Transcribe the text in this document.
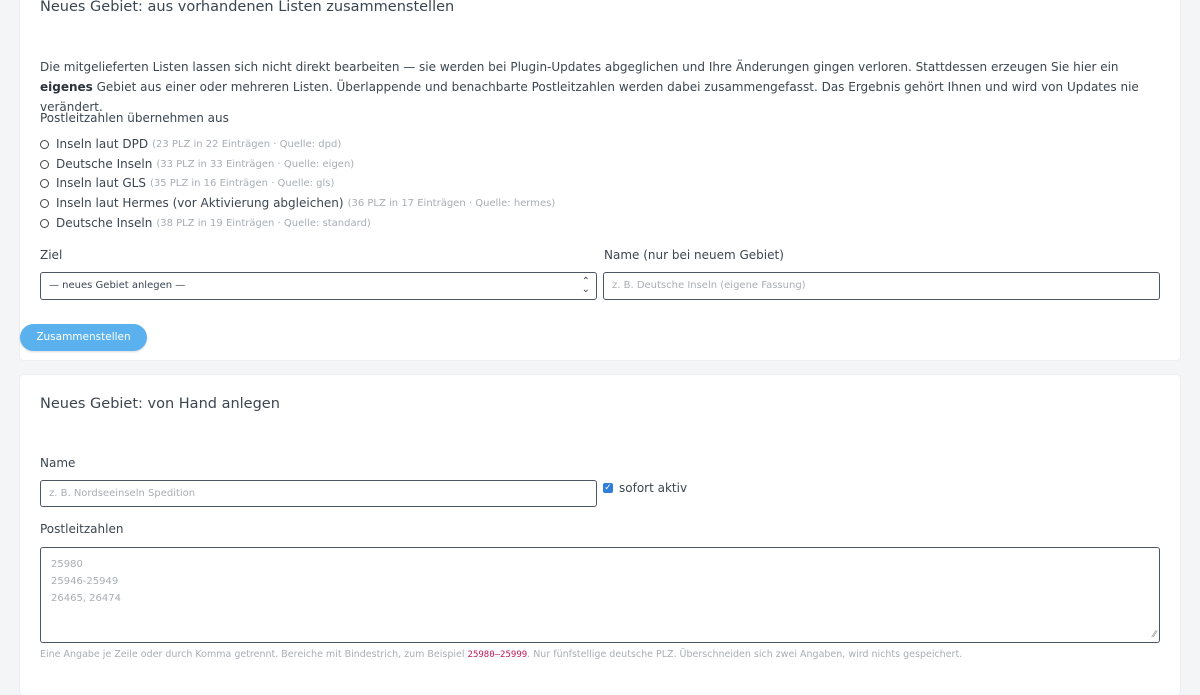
Neues Gebiet: aus vorhandenen Listen zusammenstellen
Die mitgelieferten Listen lassen sich nicht direkt bearbeiten — sie werden bei Plugin-Updates abgeglichen und Ihre Änderungen gingen verloren. Stattdessen erzeugen Sie hier ein eigenes Gebiet aus einer oder mehreren Listen. Überlappende und benachbarte Postleitzahlen werden dabei zusammengefasst. Das Ergebnis gehört Ihnen und wird von Updates nie verändert.
Postleitzahlen übernehmen aus
Inseln laut DPD (23 PLZ in 22 Einträgen · Quelle: dpd)
Deutsche Inseln (33 PLZ in 33 Einträgen · Quelle: eigen)
Inseln laut GLS (35 PLZ in 16 Einträgen · Quelle: gls)
Inseln laut Hermes (vor Aktivierung abgleichen) (36 PLZ in 17 Einträgen · Quelle: hermes)
Deutsche Inseln (38 PLZ in 19 Einträgen · Quelle: standard)
Ziel	Name (nur bei neuem Gebiet)
— neues Gebiet anlegen —	⌃
⌄ z. B. Deutsche Inseln (eigene Fassung)
Zusammenstellen
Neues Gebiet: von Hand anlegen
Name
z. B. Nordseeinseln Spedition	✓ sofort aktiv
Postleitzahlen
25980
25946-25949
26465, 26474
⁄⁄
Eine Angabe je Zeile oder durch Komma getrennt. Bereiche mit Bindestrich, zum Beispiel 25980–25999. Nur fünfstellige deutsche PLZ. Überschneiden sich zwei Angaben, wird nichts gespeichert.
